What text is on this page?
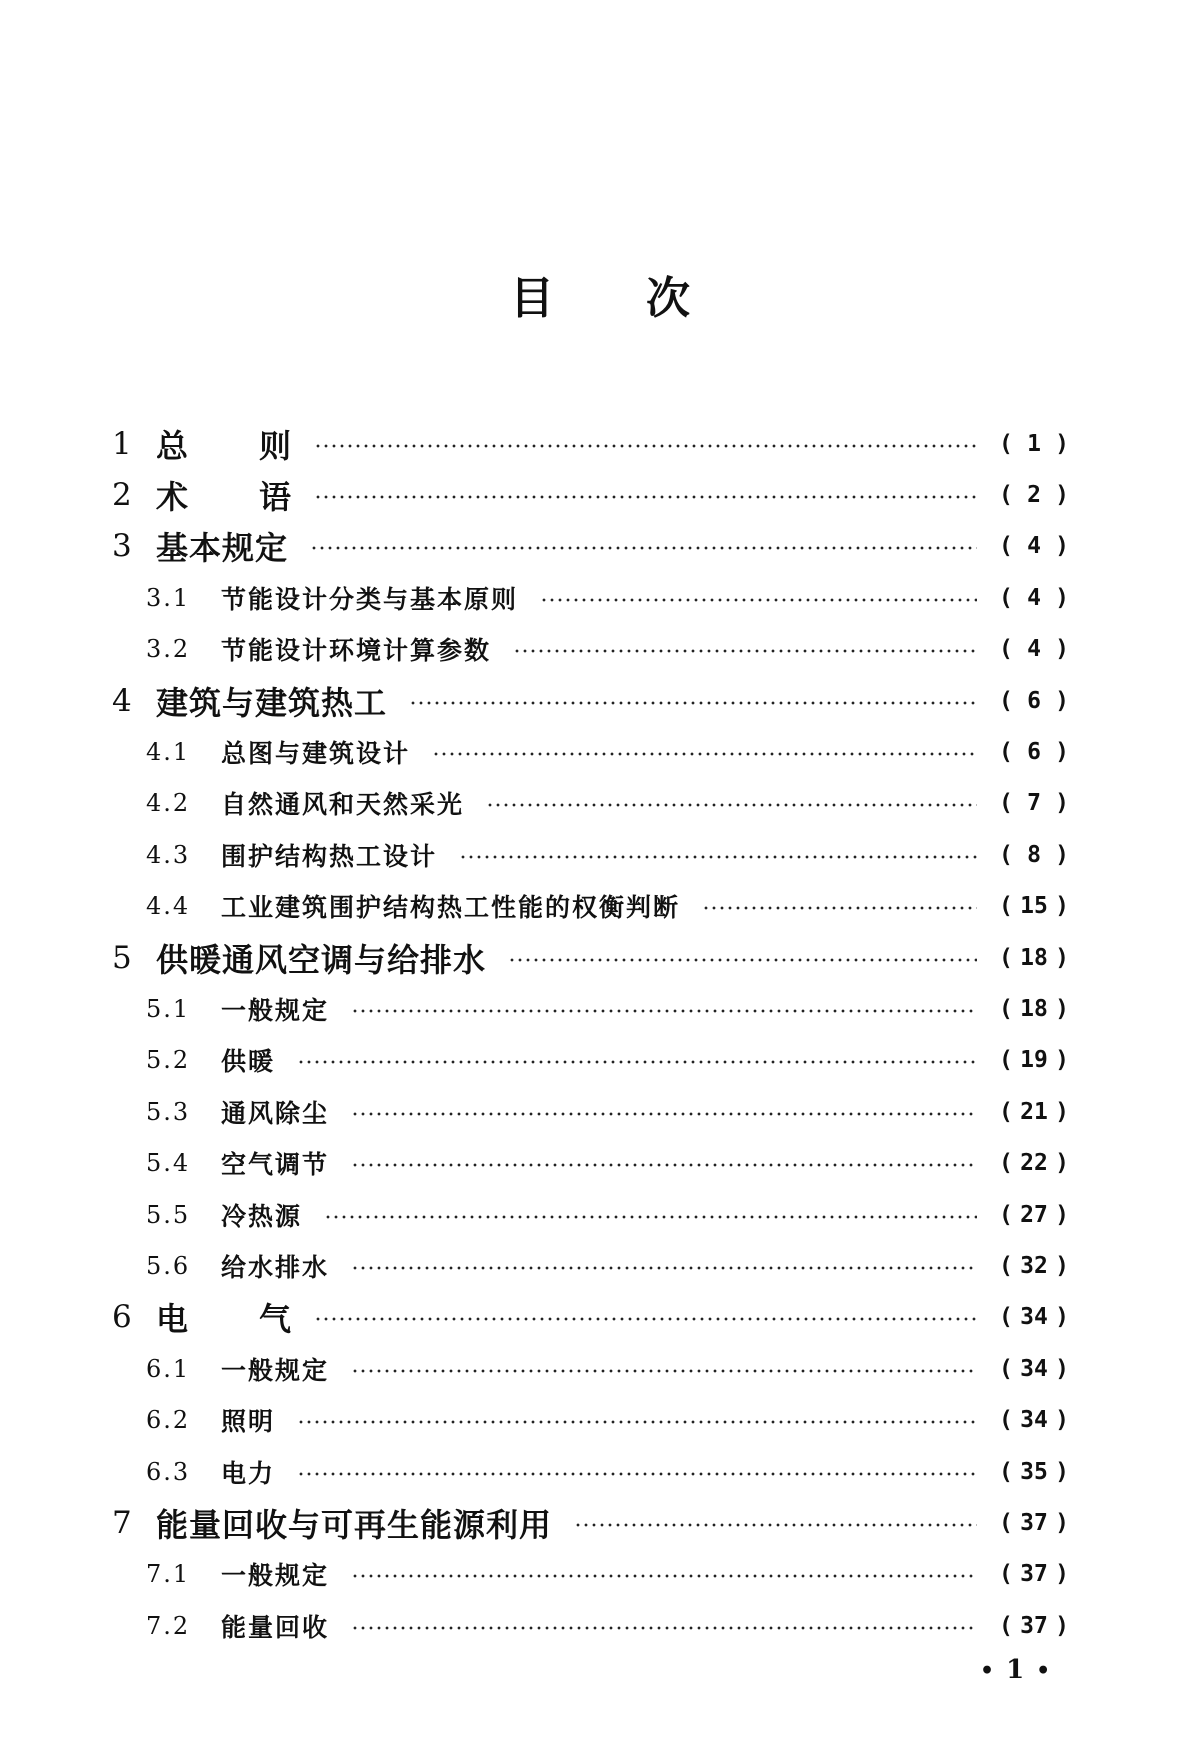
目 次
1 总 则	( 1 )
2 术 语	( 2 )
3 基本规定	( 4 )
3.1	节能设计分类与基本原则	( 4 )
3.2	节能设计环境计算参数	( 4 )
4 建筑与建筑热工	( 6 )
4.1	总图与建筑设计	( 6 )
4.2	自然通风和天然采光	( 7 )
4.3	围护结构热工设计	( 8 )
4.4	工业建筑围护结构热工性能的权衡判断	( 15 )
5 供暖通风空调与给排水	( 18 )
5.1	一般规定	( 18 )
5.2	供暖	( 19 )
5.3	通风除尘	( 21 )
5.4	空气调节	( 22 )
5.5	冷热源	( 27 )
5.6	给水排水	( 32 )
6 电 气	( 34 )
6.1	一般规定	( 34 )
6.2	照明	( 34 )
6.3	电力	( 35 )
7 能量回收与可再生能源利用	( 37 )
7.1	一般规定	( 37 )
7.2	能量回收	( 37 )
• 1 •
